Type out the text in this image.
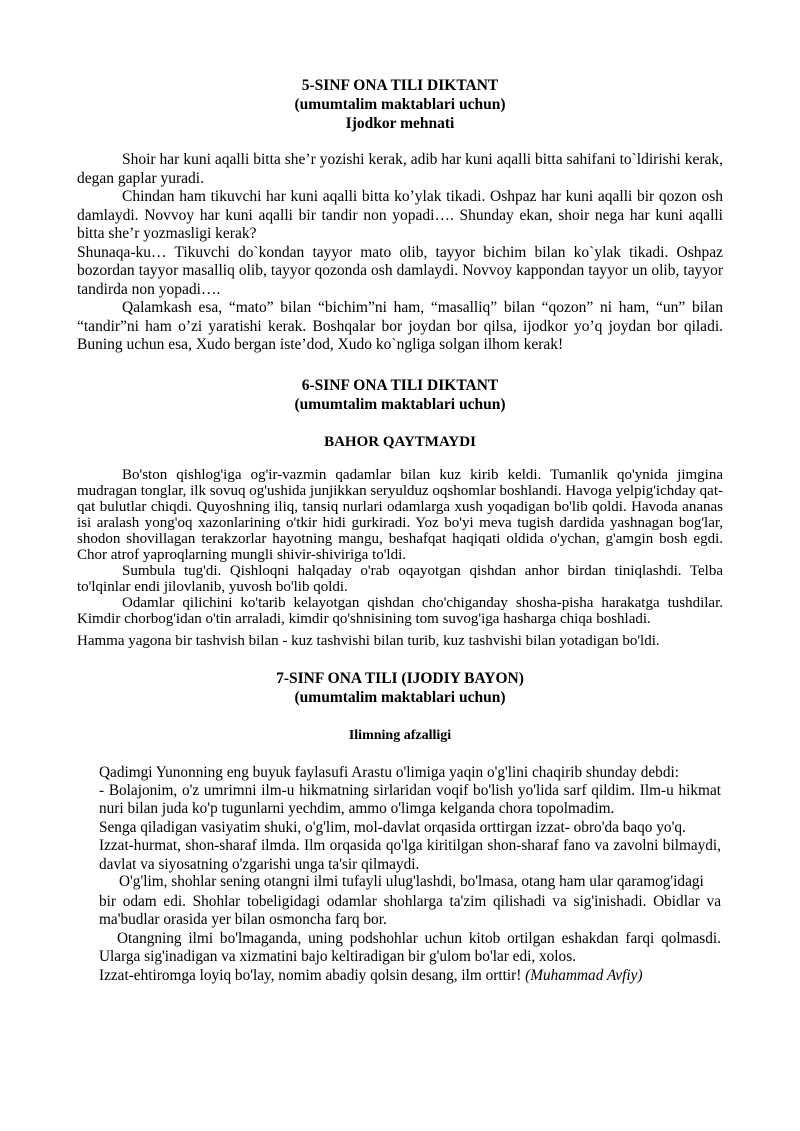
5-SINF ONA TILI DIKTANT

(umumtalim maktablari uchun)

Ijodkor mehnati

Shoir har kuni aqalli bitta she’r yozishi kerak, adib har kuni aqalli bitta sahifani to`ldirishi kerak, degan gaplar yuradi.

Chindan ham tikuvchi har kuni aqalli bitta ko’ylak tikadi. Oshpaz har kuni aqalli bir qozon osh damlaydi. Novvoy har kuni aqalli bir tandir non yopadi…. Shunday ekan, shoir nega har kuni aqalli bitta she’r yozmasligi kerak?

Shunaqa-ku… Tikuvchi do`kondan tayyor mato olib, tayyor bichim bilan ko`ylak tikadi. Oshpaz bozordan tayyor masalliq olib, tayyor qozonda osh damlaydi. Novvoy kappondan tayyor un olib, tayyor tandirda non yopadi….

Qalamkash esa, “mato” bilan “bichim”ni ham, “masalliq” bilan “qozon” ni ham, “un” bilan “tandir”ni ham o’zi yaratishi kerak. Boshqalar bor joydan bor qilsa, ijodkor yo’q joydan bor qiladi. Buning uchun esa, Xudo bergan iste’dod, Xudo ko`ngliga solgan ilhom kerak!

6-SINF ONA TILI DIKTANT

(umumtalim maktablari uchun)

BAHOR QAYTMAYDI

Bo'ston qishlog'iga og'ir-vazmin qadamlar bilan kuz kirib keldi. Tumanlik qo'ynida jimgina mudragan tonglar, ilk sovuq og'ushida junjikkan seryulduz oqshomlar boshlandi. Havoga yelpig'ichday qat-qat bulutlar chiqdi. Quyoshning iliq, tansiq nurlari odamlarga xush yoqadigan bo'lib qoldi. Havoda ananas isi aralash yong'oq xazonlarining o'tkir hidi gurkiradi. Yoz bo'yi meva tugish dardida yashnagan bog'lar, shodon shovillagan terakzorlar hayotning mangu, beshafqat haqiqati oldida o'ychan, g'amgin bosh egdi. Chor atrof yaproqlarning mungli shivir-shiviriga to'ldi.

Sumbula tug'di. Qishloqni halqaday o'rab oqayotgan qishdan anhor birdan tiniqlashdi. Telba to'lqinlar endi jilovlanib, yuvosh bo'lib qoldi.

Odamlar qilichini ko'tarib kelayotgan qishdan cho'chiganday shosha-pisha harakatga tushdilar. Kimdir chorbog'idan o'tin arraladi, kimdir qo'shnisining tom suvog'iga hasharga chiqa boshladi.

Hamma yagona bir tashvish bilan - kuz tashvishi bilan turib, kuz tashvishi bilan yotadigan bo'ldi.

7-SINF ONA TILI (IJODIY BAYON)

(umumtalim maktablari uchun)

Ilimning afzalligi

Qadimgi Yunonning eng buyuk faylasufi Arastu o'limiga yaqin o'g'lini chaqirib shunday debdi:

- Bolajonim, o'z umrimni ilm-u hikmatning sirlaridan voqif bo'lish yo'lida sarf qildim. Ilm-u hikmat nuri bilan juda ko'p tugunlarni yechdim, ammo o'limga kelganda chora topolmadim.

Senga qiladigan vasiyatim shuki, o'g'lim, mol-davlat orqasida orttirgan izzat- obro'da baqo yo'q.

Izzat-hurmat, shon-sharaf ilmda. Ilm orqasida qo'lga kiritilgan shon-sharaf fano va zavolni bilmaydi, davlat va siyosatning o'zgarishi unga ta'sir qilmaydi.

O'g'lim, shohlar sening otangni ilmi tufayli ulug'lashdi, bo'lmasa, otang ham ular qaramog'idagi

bir odam edi. Shohlar tobeligidagi odamlar shohlarga ta'zim qilishadi va sig'inishadi. Obidlar va ma'budlar orasida yer bilan osmoncha farq bor.

Otangning ilmi bo'lmaganda, uning podshohlar uchun kitob ortilgan eshakdan farqi qolmasdi. Ularga sig'inadigan va xizmatini bajo keltiradigan bir g'ulom bo'lar edi, xolos.

Izzat-ehtiromga loyiq bo'lay, nomim abadiy qolsin desang, ilm orttir! (Muhammad Avfiy)
